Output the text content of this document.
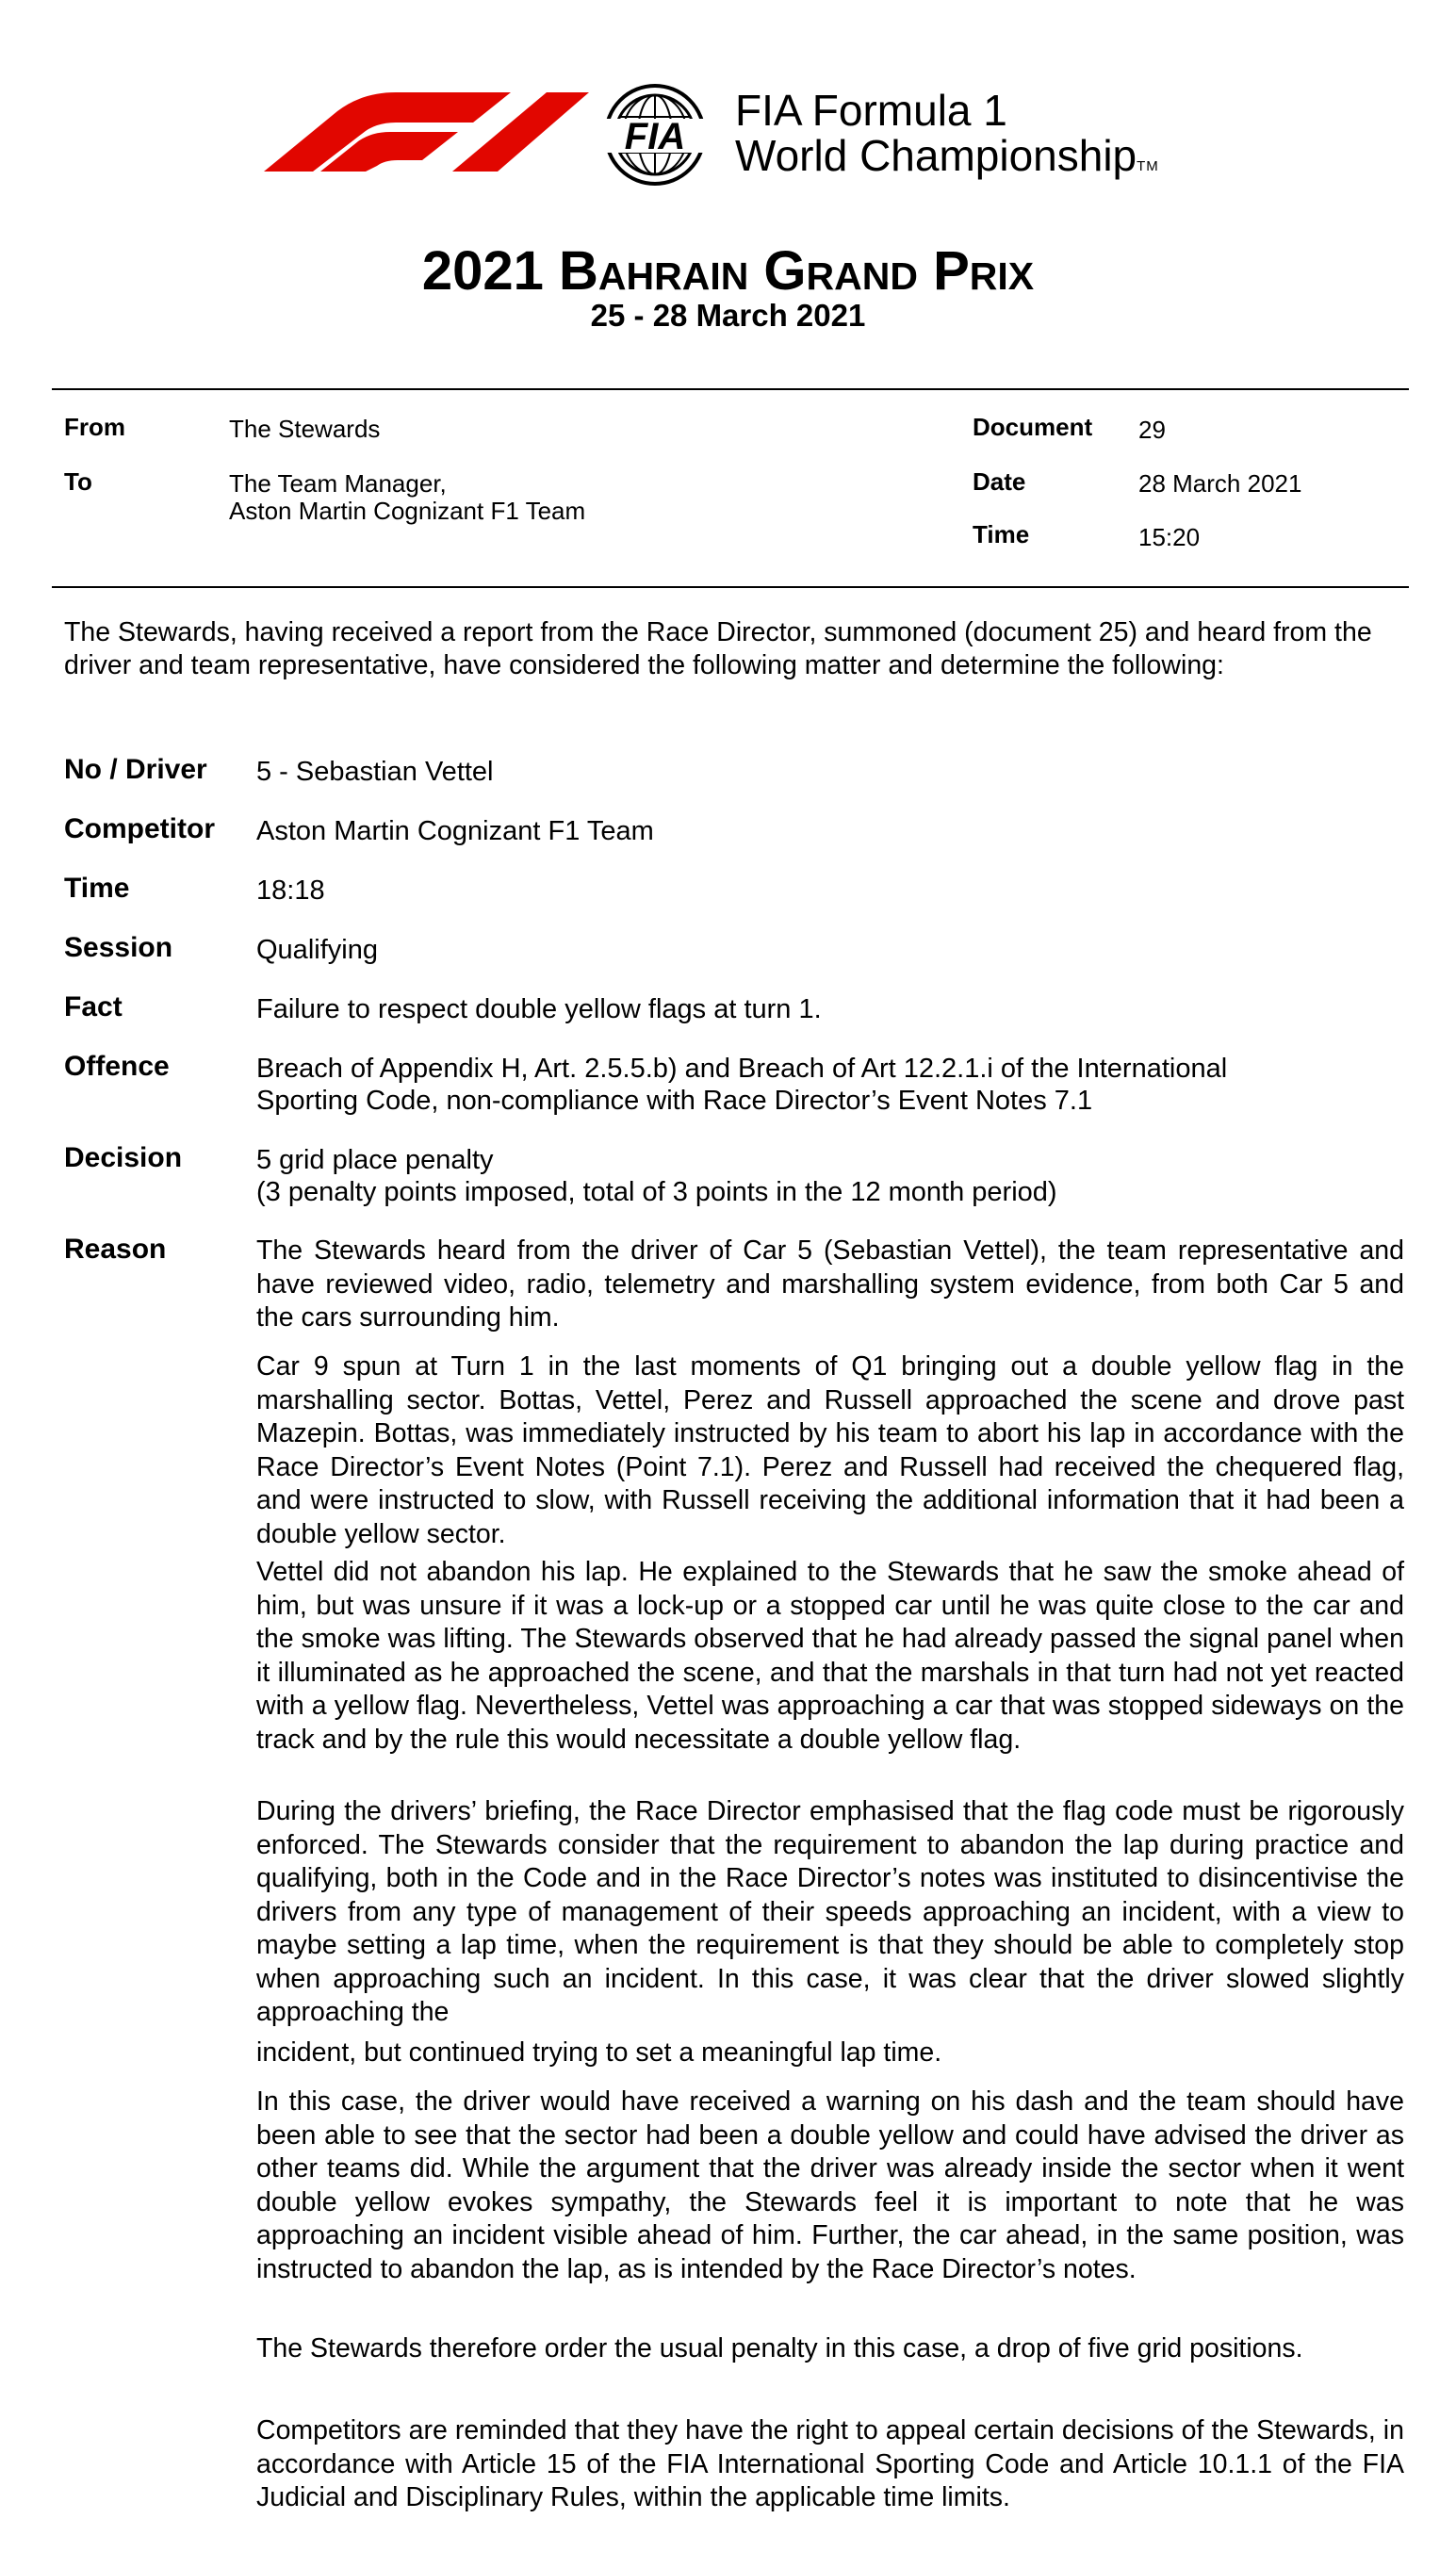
FIA
FIA Formula 1
World ChampionshipTM
2021 Bahrain Grand Prix
25 - 28 March 2021
From	The Stewards
To	The Team Manager,
Aston Martin Cognizant F1 Team
Document 29
Date	28 March 2021
Time	15:20
The Stewards, having received a report from the Race Director, summoned (document 25) and heard from the driver and team representative, have considered the following matter and determine the following:
No / Driver 5 - Sebastian Vettel
Competitor Aston Martin Cognizant F1 Team
Time	18:18
Session	Qualifying
Fact	Failure to respect double yellow flags at turn 1.
Offence	Breach of Appendix H, Art. 2.5.5.b) and Breach of Art 12.2.1.i of the International
Sporting Code, non-compliance with Race Director’s Event Notes 7.1
Decision	5 grid place penalty
(3 penalty points imposed, total of 3 points in the 12 month period)
Reason	The Stewards heard from the driver of Car 5 (Sebastian Vettel), the team representative and have reviewed video, radio, telemetry and marshalling system evidence, from both Car 5 and the cars surrounding him.
Car 9 spun at Turn 1 in the last moments of Q1 bringing out a double yellow flag in the marshalling sector. Bottas, Vettel, Perez and Russell approached the scene and drove past Mazepin. Bottas, was immediately instructed by his team to abort his lap in accordance with the Race Director’s Event Notes (Point 7.1). Perez and Russell had received the chequered flag, and were instructed to slow, with Russell receiving the additional information that it had been a double yellow sector.
Vettel did not abandon his lap. He explained to the Stewards that he saw the smoke ahead of him, but was unsure if it was a lock-up or a stopped car until he was quite close to the car and the smoke was lifting. The Stewards observed that he had already passed the signal panel when it illuminated as he approached the scene, and that the marshals in that turn had not yet reacted with a yellow flag. Nevertheless, Vettel was approaching a car that was stopped sideways on the track and by the rule this would necessitate a double yellow flag.
During the drivers’ briefing, the Race Director emphasised that the flag code must be rigorously enforced. The Stewards consider that the requirement to abandon the lap during practice and qualifying, both in the Code and in the Race Director’s notes was instituted to disincentivise the drivers from any type of management of their speeds approaching an incident, with a view to maybe setting a lap time, when the requirement is that they should be able to completely stop when approaching such an incident. In this case, it was clear that the driver slowed slightly approaching the
incident, but continued trying to set a meaningful lap time.
In this case, the driver would have received a warning on his dash and the team should have been able to see that the sector had been a double yellow and could have advised the driver as other teams did. While the argument that the driver was already inside the sector when it went double yellow evokes sympathy, the Stewards feel it is important to note that he was approaching an incident visible ahead of him. Further, the car ahead, in the same position, was instructed to abandon the lap, as is intended by the Race Director’s notes.
The Stewards therefore order the usual penalty in this case, a drop of five grid positions.
Competitors are reminded that they have the right to appeal certain decisions of the Stewards, in accordance with Article 15 of the FIA International Sporting Code and Article 10.1.1 of the FIA Judicial and Disciplinary Rules, within the applicable time limits.
